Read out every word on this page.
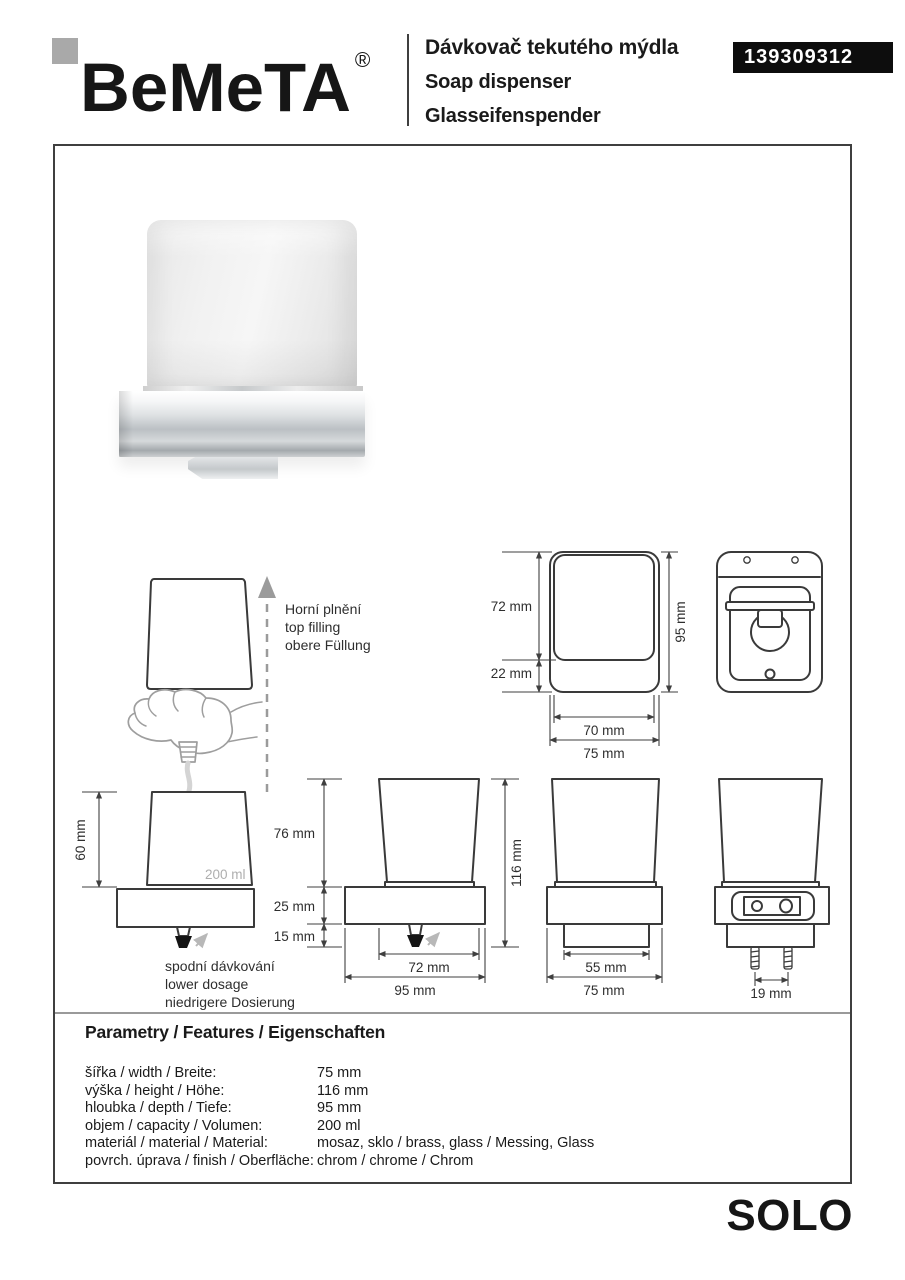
BeMeTA ®
Dávkovač tekutého mýdla
Soap dispenser
Glasseifenspender
139309312
Horní plnění
top filling
obere Füllung
72 mm
22 mm
95 mm
70 mm
75 mm
60 mm
200 ml
spodní dávkování
lower dosage
niedrigere Dosierung
76 mm
25 mm
15 mm
116 mm
72 mm
95 mm
55 mm
75 mm	19 mm
Parametry / Features / Eigenschaften
šířka / width / Breite:	75 mm
výška / height / Höhe:	116 mm
hloubka / depth / Tiefe:	95 mm
objem / capacity / Volumen:	200 ml
materiál / material / Material:	mosaz, sklo / brass, glass / Messing, Glass
povrch. úprava / finish / Oberfläche: chrom / chrome / Chrom
SOLO
